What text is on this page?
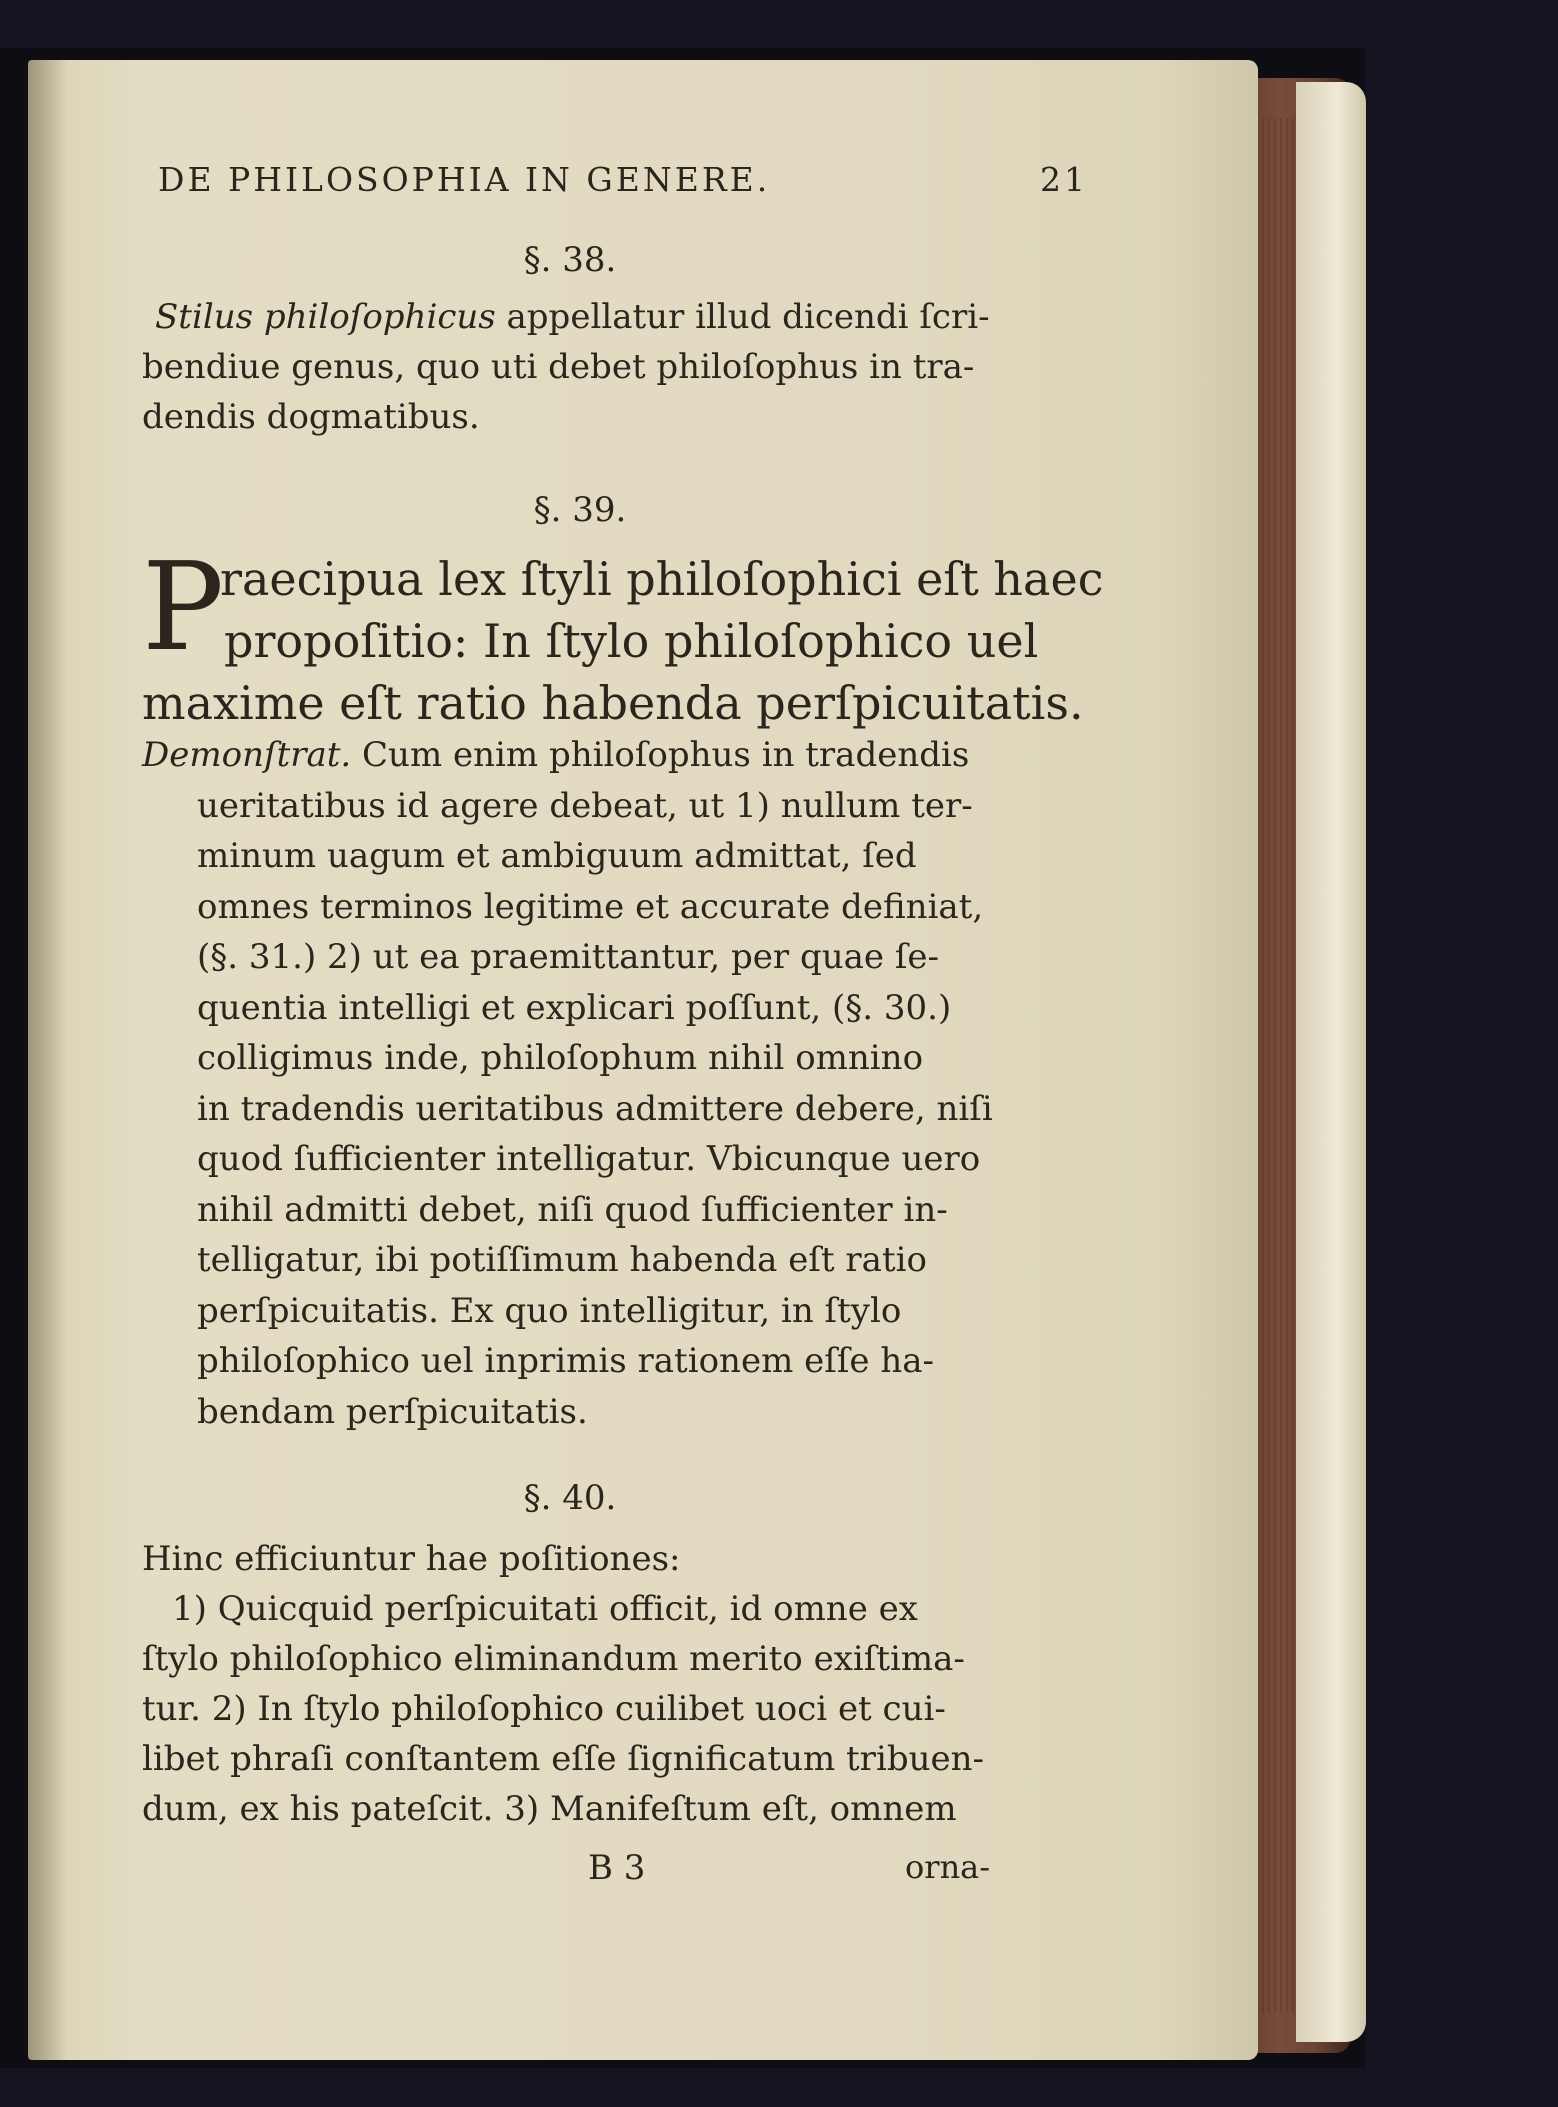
DE PHILOSOPHIA IN GENERE.	21
§. 38.
Stilus philoſophicus appellatur illud dicendi ſcri-
bendiue genus, quo uti debet philoſophus in tra-
dendis dogmatibus.
§. 39.
P
raecipua lex ſtyli philoſophici eſt haec
propoſitio: In ſtylo philoſophico uel
maxime eſt ratio habenda perſpicuitatis.
Demonſtrat. Cum enim philoſophus in tradendis
ueritatibus id agere debeat, ut 1) nullum ter-
minum uagum et ambiguum admittat, ſed
omnes terminos legitime et accurate definiat,
(§. 31.) 2) ut ea praemittantur, per quae ſe-
quentia intelligi et explicari poſſunt, (§. 30.)
colligimus inde, philoſophum nihil omnino
in tradendis ueritatibus admittere debere, niſi
quod ſufficienter intelligatur. Vbicunque uero
nihil admitti debet, niſi quod ſufficienter in-
telligatur, ibi potiſſimum habenda eſt ratio
perſpicuitatis. Ex quo intelligitur, in ſtylo
philoſophico uel inprimis rationem eſſe ha-
bendam perſpicuitatis.
§. 40.
Hinc efficiuntur hae poſitiones:
1) Quicquid perſpicuitati officit, id omne ex
ſtylo philoſophico eliminandum merito exiſtima-
tur. 2) In ſtylo philoſophico cuilibet uoci et cui-
libet phraſi conſtantem eſſe ſignificatum tribuen-
dum, ex his pateſcit. 3) Manifeſtum eſt, omnem
B 3	orna-
